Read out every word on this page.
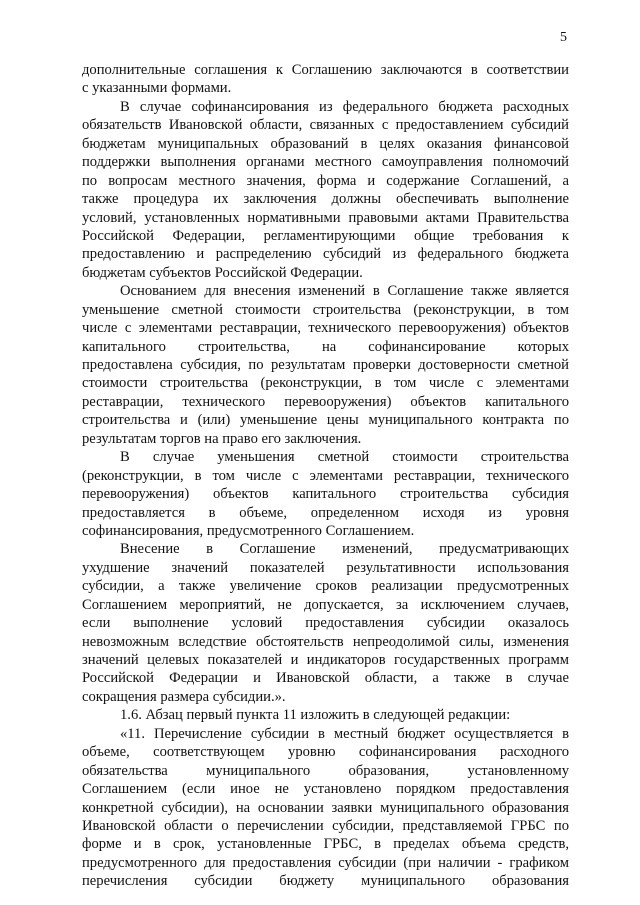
5
дополнительные соглашения к Соглашению заключаются в соответствии
с указанными формами.
В случае софинансирования из федерального бюджета расходных
обязательств Ивановской области, связанных с предоставлением субсидий
бюджетам муниципальных образований в целях оказания финансовой
поддержки выполнения органами местного самоуправления полномочий
по вопросам местного значения, форма и содержание Соглашений, а
также процедура их заключения должны обеспечивать выполнение
условий, установленных нормативными правовыми актами Правительства
Российской Федерации, регламентирующими общие требования к
предоставлению и распределению субсидий из федерального бюджета
бюджетам субъектов Российской Федерации.
Основанием для внесения изменений в Соглашение также является
уменьшение сметной стоимости строительства (реконструкции, в том
числе с элементами реставрации, технического перевооружения) объектов
капитального строительства, на софинансирование которых
предоставлена субсидия, по результатам проверки достоверности сметной
стоимости строительства (реконструкции, в том числе с элементами
реставрации, технического перевооружения) объектов капитального
строительства и (или) уменьшение цены муниципального контракта по
результатам торгов на право его заключения.
В случае уменьшения сметной стоимости строительства
(реконструкции, в том числе с элементами реставрации, технического
перевооружения) объектов капитального строительства субсидия
предоставляется в объеме, определенном исходя из уровня
софинансирования, предусмотренного Соглашением.
Внесение в Соглашение изменений, предусматривающих
ухудшение значений показателей результативности использования
субсидии, а также увеличение сроков реализации предусмотренных
Соглашением мероприятий, не допускается, за исключением случаев,
если выполнение условий предоставления субсидии оказалось
невозможным вследствие обстоятельств непреодолимой силы, изменения
значений целевых показателей и индикаторов государственных программ
Российской Федерации и Ивановской области, а также в случае
сокращения размера субсидии.».
1.6. Абзац первый пункта 11 изложить в следующей редакции:
«11. Перечисление субсидии в местный бюджет осуществляется в
объеме, соответствующем уровню софинансирования расходного
обязательства муниципального образования, установленному
Соглашением (если иное не установлено порядком предоставления
конкретной субсидии), на основании заявки муниципального образования
Ивановской области о перечислении субсидии, представляемой ГРБС по
форме и в срок, установленные ГРБС, в пределах объема средств,
предусмотренного для предоставления субсидии (при наличии - графиком
перечисления субсидии бюджету муниципального образования
